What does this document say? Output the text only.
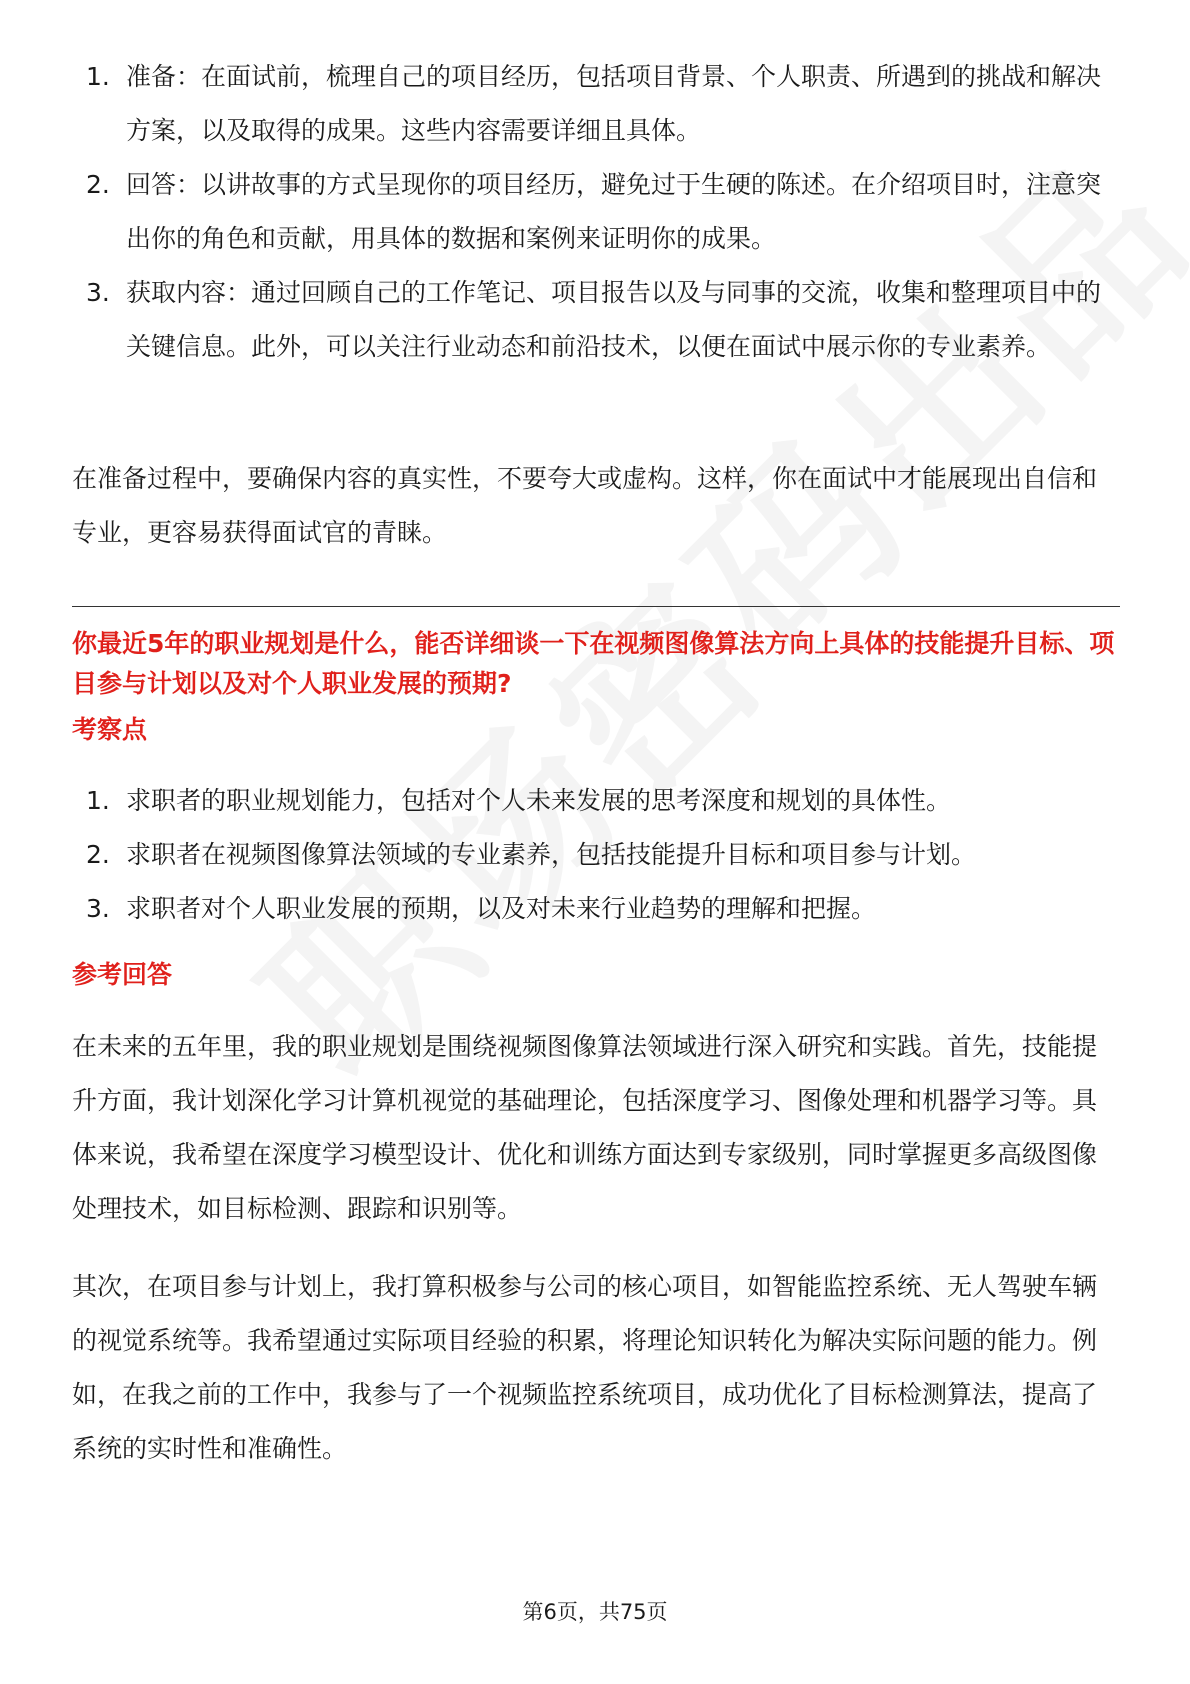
1. 准备：在面试前，梳理自己的项目经历，包括项目背景、个人职责、所遇到的挑战和解决方案，以及取得的成果。这些内容需要详细且具体。
2. 回答：以讲故事的方式呈现你的项目经历，避免过于生硬的陈述。在介绍项目时，注意突出你的角色和贡献，用具体的数据和案例来证明你的成果。
3. 获取内容：通过回顾自己的工作笔记、项目报告以及与同事的交流，收集和整理项目中的关键信息。此外，可以关注行业动态和前沿技术，以便在面试中展示你的专业素养。

在准备过程中，要确保内容的真实性，不要夸大或虚构。这样，你在面试中才能展现出自信和专业，更容易获得面试官的青睐。

你最近5年的职业规划是什么，能否详细谈一下在视频图像算法方向上具体的技能提升目标、项目参与计划以及对个人职业发展的预期?

考察点

1. 求职者的职业规划能力，包括对个人未来发展的思考深度和规划的具体性。
2. 求职者在视频图像算法领域的专业素养，包括技能提升目标和项目参与计划。
3. 求职者对个人职业发展的预期，以及对未来行业趋势的理解和把握。

参考回答

在未来的五年里，我的职业规划是围绕视频图像算法领域进行深入研究和实践。首先，技能提升方面，我计划深化学习计算机视觉的基础理论，包括深度学习、图像处理和机器学习等。具体来说，我希望在深度学习模型设计、优化和训练方面达到专家级别，同时掌握更多高级图像处理技术，如目标检测、跟踪和识别等。

其次，在项目参与计划上，我打算积极参与公司的核心项目，如智能监控系统、无人驾驶车辆的视觉系统等。我希望通过实际项目经验的积累，将理论知识转化为解决实际问题的能力。例如，在我之前的工作中，我参与了一个视频监控系统项目，成功优化了目标检测算法，提高了系统的实时性和准确性。

第6页，共75页
